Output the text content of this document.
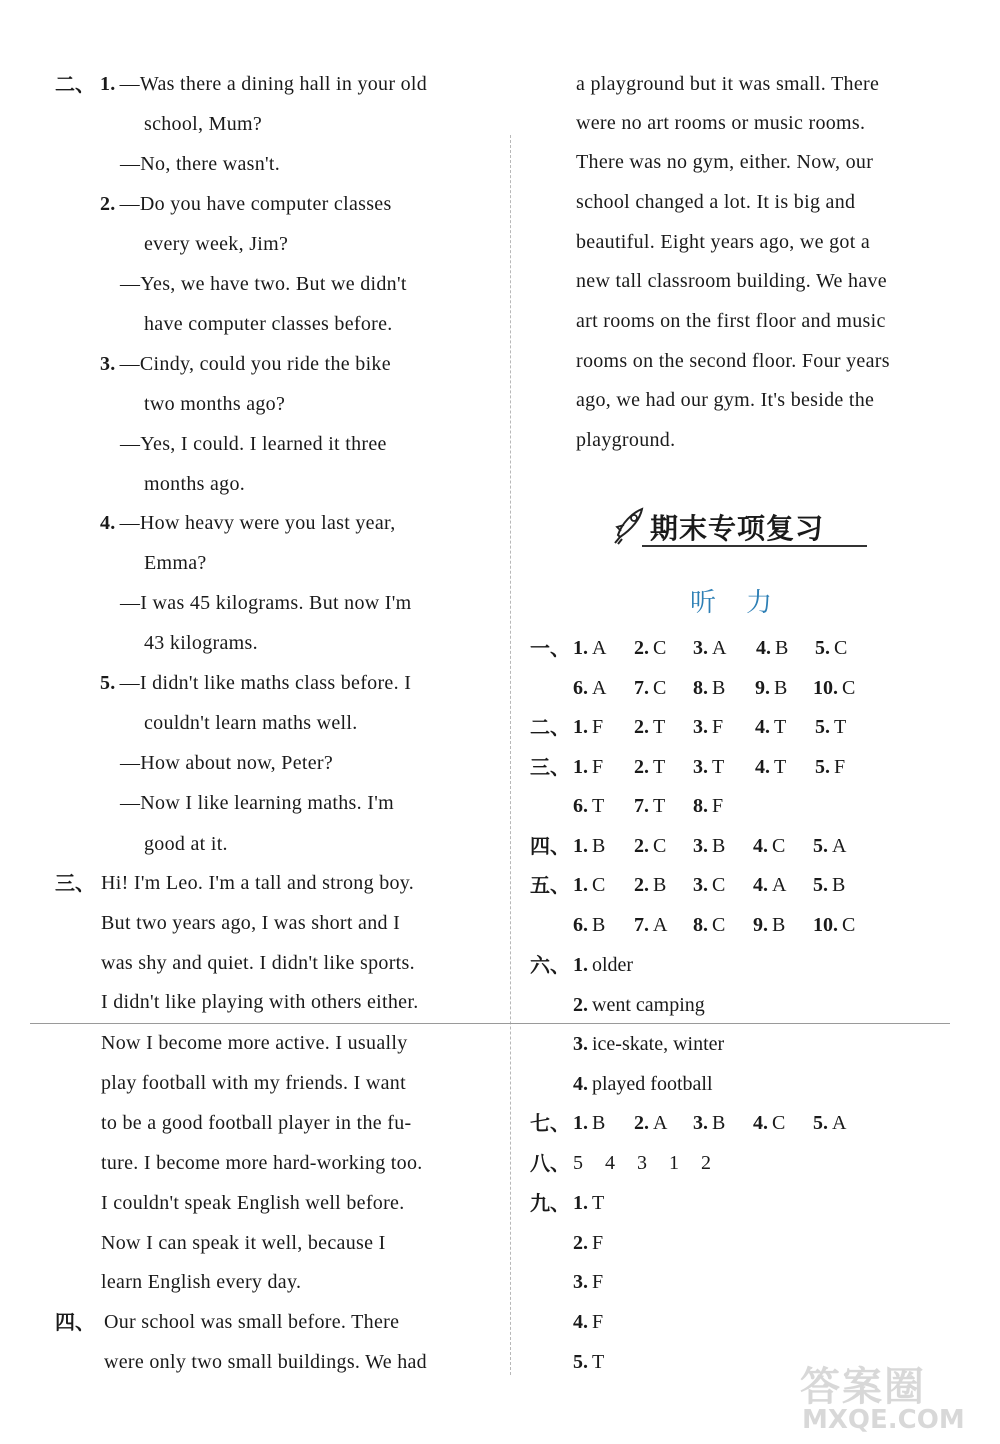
二、 1. —Was there a dining hall in your old
school, Mum?
—No, there wasn't.
2. —Do you have computer classes
every week, Jim?
—Yes, we have two. But we didn't
have computer classes before.
3. —Cindy, could you ride the bike
two months ago?
—Yes, I could. I learned it three
months ago.
4. —How heavy were you last year,
Emma?
—I was 45 kilograms. But now I'm
43 kilograms.
5. —I didn't like maths class before. I
couldn't learn maths well.
—How about now, Peter?
—Now I like learning maths. I'm
good at it.
三、 Hi! I'm Leo. I'm a tall and strong boy.
But two years ago, I was short and I
was shy and quiet. I didn't like sports.
I didn't like playing with others either.
Now I become more active. I usually
play football with my friends. I want
to be a good football player in the fu-
ture. I become more hard-working too.
I couldn't speak English well before.
Now I can speak it well, because I
learn English every day.
四、 Our school was small before. There
were only two small buildings. We had
a playground but it was small. There
were no art rooms or music rooms.
There was no gym, either. Now, our
school changed a lot. It is big and
beautiful. Eight years ago, we got a
new tall classroom building. We have
art rooms on the first floor and music
rooms on the second floor. Four years
ago, we had our gym. It's beside the
playground.
期末专项复习
听力
一、 1. A 2. C 3. A 4. B 5. C
6. A 7. C 8. B 9. B 10. C
二、 1. F 2. T 3. F 4. T 5. T
三、 1. F 2. T 3. T 4. T 5. F
6. T 7. T 8. F
四、 1. B 2. C 3. B 4. C 5. A
五、 1. C 2. B 3. C 4. A 5. B
6. B 7. A 8. C 9. B 10. C
六、 1. older
2. went camping
3. ice-skate, winter
4. played football
七、 1. B 2. A 3. B 4. C 5. A
八、 5  4  3  1  2
九、 1. T
2. F
3. F
4. F
5. T
答案圈
MXQE.COM
